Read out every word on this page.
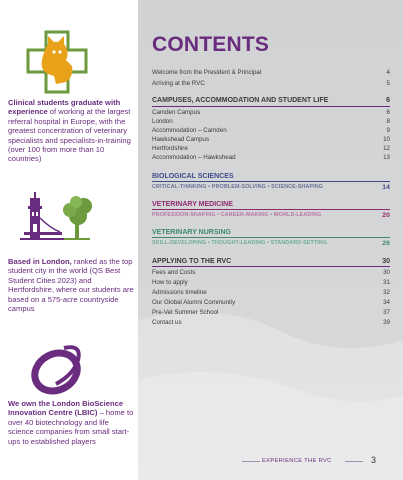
Clinical students graduate with experience of working at the largest referral hospital in Europe, with the greatest concentration of veterinary specialists and specialists-in-training (over 100 from more than 10 countries)
Based in London, ranked as the top student city in the world (QS Best Student Cities 2023) and Hertfordshire, where our students are based on a 575-acre countryside campus
We own the London BioScience Innovation Centre (LBIC) – home to over 40 biotechnology and life science companies from small start-ups to established players
CONTENTS
Welcome from the President & Principal	4
Arriving at the RVC	5
CAMPUSES, ACCOMMODATION AND STUDENT LIFE	6
Camden Campus	6
London	8
Accommodation – Camden	9
Hawkshead Campus	10
Hertfordshire	12
Accommodation – Hawkshead	13
BIOLOGICAL SCIENCES
CRITICAL-THINKING • PROBLEM-SOLVING • SCIENCE-SHAPING	14
VETERINARY MEDICINE
PROFESSION-SHAPING • CAREER-MAKING • WORLD-LEADING	20
VETERINARY NURSING
SKILL-DEVELOPING • THOUGHT-LEADING • STANDARD-SETTING	26
APPLYING TO THE RVC	30
Fees and Costs	30
How to apply	31
Admissions timeline	32
Our Global Alumni Community	34
Pre-Vet Summer School	37
Contact us	39
EXPERIENCE THE RVC	3
